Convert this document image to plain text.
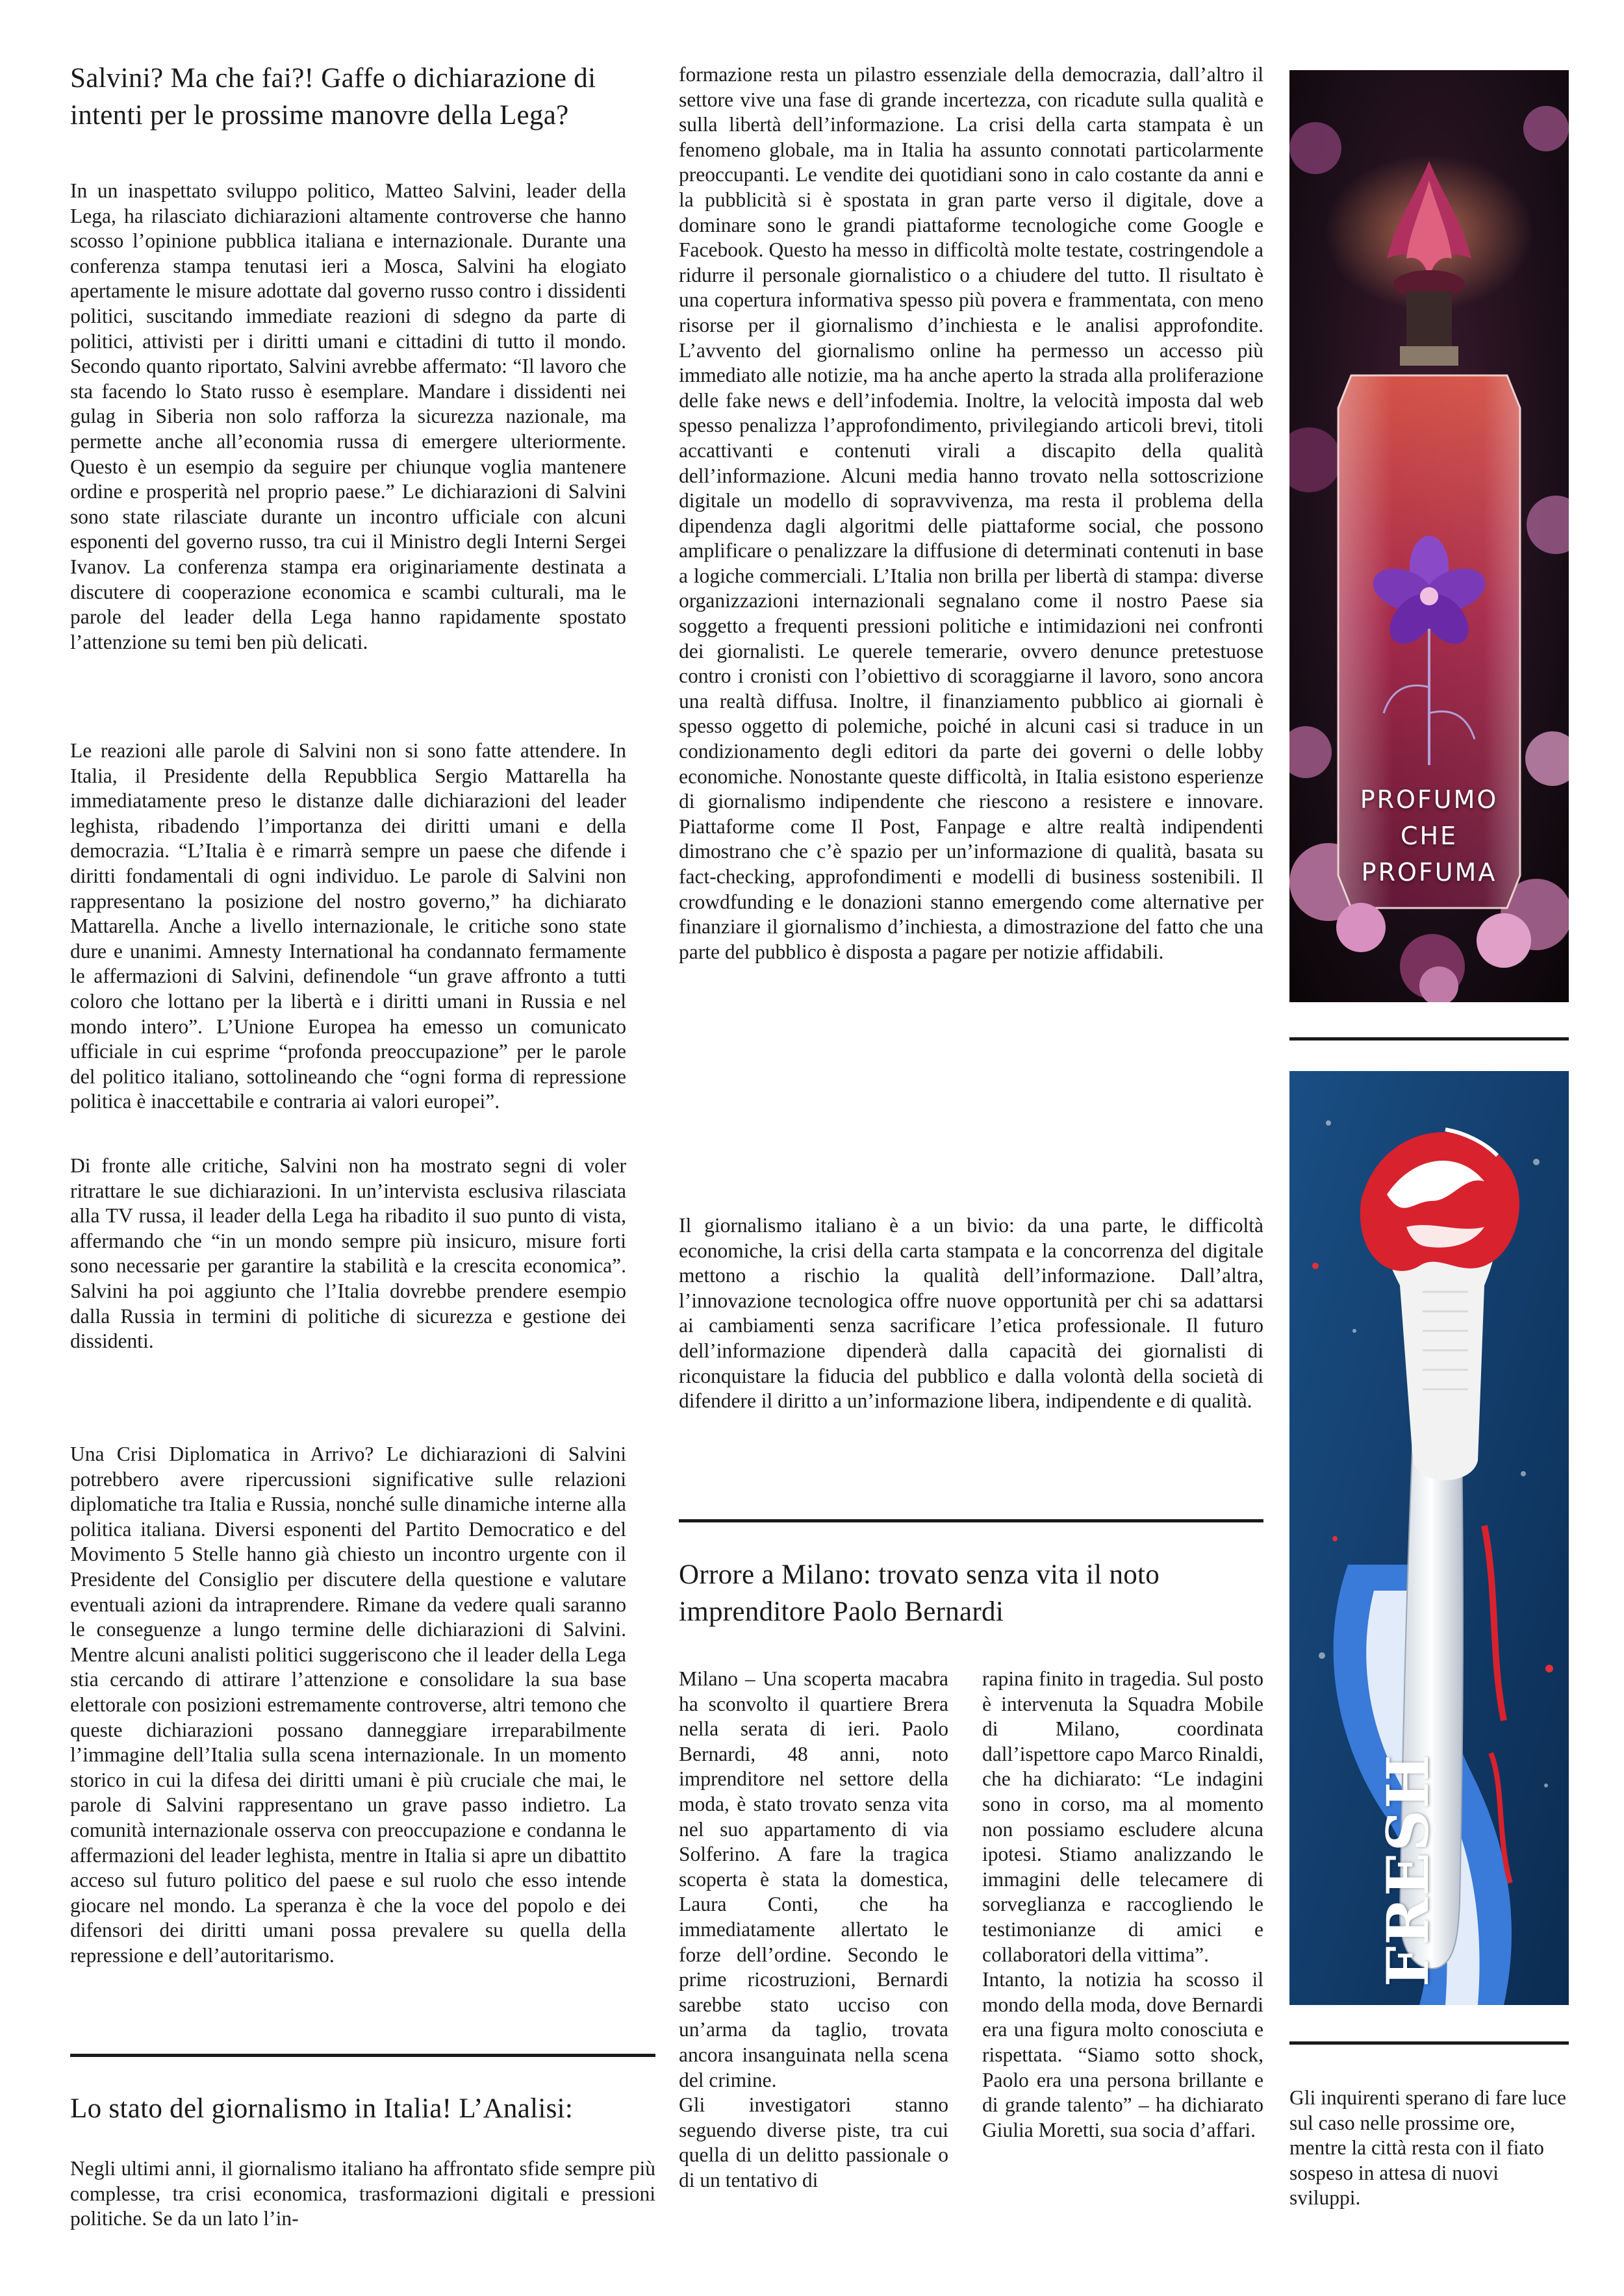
Salvini? Ma che fai?! Gaffe o dichiarazione di intenti per le prossime manovre della Lega?

In un inaspettato sviluppo politico, Matteo Salvini, leader della Lega, ha rilasciato dichiarazioni altamente controverse che hanno scosso l’opinione pubblica italiana e internazionale. Durante una conferenza stampa tenutasi ieri a Mosca, Salvini ha elogiato apertamente le misure adottate dal governo russo contro i dissidenti politici, suscitando immediate reazioni di sdegno da parte di politici, attivisti per i diritti umani e cittadini di tutto il mondo. Secondo quanto riportato, Salvini avrebbe affermato: “Il lavoro che sta facendo lo Stato russo è esemplare. Mandare i dissidenti nei gulag in Siberia non solo rafforza la sicurezza nazionale, ma permette anche all’economia russa di emergere ulteriormente. Questo è un esempio da seguire per chiunque voglia mantenere ordine e prosperità nel proprio paese.” Le dichiarazioni di Salvini sono state rilasciate durante un incontro ufficiale con alcuni esponenti del governo russo, tra cui il Ministro degli Interni Sergei Ivanov. La conferenza stampa era originariamente destinata a discutere di cooperazione economica e scambi culturali, ma le parole del leader della Lega hanno rapidamente spostato l’attenzione su temi ben più delicati.

Le reazioni alle parole di Salvini non si sono fatte attendere. In Italia, il Presidente della Repubblica Sergio Mattarella ha immediatamente preso le distanze dalle dichiarazioni del leader leghista, ribadendo l’importanza dei diritti umani e della democrazia. “L’Italia è e rimarrà sempre un paese che difende i diritti fondamentali di ogni individuo. Le parole di Salvini non rappresentano la posizione del nostro governo,” ha dichiarato Mattarella. Anche a livello internazionale, le critiche sono state dure e unanimi. Amnesty International ha condannato fermamente le affermazioni di Salvini, definendole “un grave affronto a tutti coloro che lottano per la libertà e i diritti umani in Russia e nel mondo intero”. L’Unione Europea ha emesso un comunicato ufficiale in cui esprime “profonda preoccupazione” per le parole del politico italiano, sottolineando che “ogni forma di repressione politica è inaccettabile e contraria ai valori europei”.

Di fronte alle critiche, Salvini non ha mostrato segni di voler ritrattare le sue dichiarazioni. In un’intervista esclusiva rilasciata alla TV russa, il leader della Lega ha ribadito il suo punto di vista, affermando che “in un mondo sempre più insicuro, misure forti sono necessarie per garantire la stabilità e la crescita economica”. Salvini ha poi aggiunto che l’Italia dovrebbe prendere esempio dalla Russia in termini di politiche di sicurezza e gestione dei dissidenti.

Una Crisi Diplomatica in Arrivo? Le dichiarazioni di Salvini potrebbero avere ripercussioni significative sulle relazioni diplomatiche tra Italia e Russia, nonché sulle dinamiche interne alla politica italiana. Diversi esponenti del Partito Democratico e del Movimento 5 Stelle hanno già chiesto un incontro urgente con il Presidente del Consiglio per discutere della questione e valutare eventuali azioni da intraprendere. Rimane da vedere quali saranno le conseguenze a lungo termine delle dichiarazioni di Salvini. Mentre alcuni analisti politici suggeriscono che il leader della Lega stia cercando di attirare l’attenzione e consolidare la sua base elettorale con posizioni estremamente controverse, altri temono che queste dichiarazioni possano danneggiare irreparabilmente l’immagine dell’Italia sulla scena internazionale. In un momento storico in cui la difesa dei diritti umani è più cruciale che mai, le parole di Salvini rappresentano un grave passo indietro. La comunità internazionale osserva con preoccupazione e condanna le affermazioni del leader leghista, mentre in Italia si apre un dibattito acceso sul futuro politico del paese e sul ruolo che esso intende giocare nel mondo. La speranza è che la voce del popolo e dei difensori dei diritti umani possa prevalere su quella della repressione e dell’autoritarismo.

Lo stato del giornalismo in Italia! L’Analisi:

Negli ultimi anni, il giornalismo italiano ha affrontato sfide sempre più complesse, tra crisi economica, trasformazioni digitali e pressioni politiche. Se da un lato l’in-

formazione resta un pilastro essenziale della democrazia, dall’altro il settore vive una fase di grande incertezza, con ricadute sulla qualità e sulla libertà dell’informazione. La crisi della carta stampata è un fenomeno globale, ma in Italia ha assunto connotati particolarmente preoccupanti. Le vendite dei quotidiani sono in calo costante da anni e la pubblicità si è spostata in gran parte verso il digitale, dove a dominare sono le grandi piattaforme tecnologiche come Google e Facebook. Questo ha messo in difficoltà molte testate, costringendole a ridurre il personale giornalistico o a chiudere del tutto. Il risultato è una copertura informativa spesso più povera e frammentata, con meno risorse per il giornalismo d’inchiesta e le analisi approfondite. L’avvento del giornalismo online ha permesso un accesso più immediato alle notizie, ma ha anche aperto la strada alla proliferazione delle fake news e dell’infodemia. Inoltre, la velocità imposta dal web spesso penalizza l’approfondimento, privilegiando articoli brevi, titoli accattivanti e contenuti virali a discapito della qualità dell’informazione. Alcuni media hanno trovato nella sottoscrizione digitale un modello di sopravvivenza, ma resta il problema della dipendenza dagli algoritmi delle piattaforme social, che possono amplificare o penalizzare la diffusione di determinati contenuti in base a logiche commerciali. L’Italia non brilla per libertà di stampa: diverse organizzazioni internazionali segnalano come il nostro Paese sia soggetto a frequenti pressioni politiche e intimidazioni nei confronti dei giornalisti. Le querele temerarie, ovvero denunce pretestuose contro i cronisti con l’obiettivo di scoraggiarne il lavoro, sono ancora una realtà diffusa. Inoltre, il finanziamento pubblico ai giornali è spesso oggetto di polemiche, poiché in alcuni casi si traduce in un condizionamento degli editori da parte dei governi o delle lobby economiche. Nonostante queste difficoltà, in Italia esistono esperienze di giornalismo indipendente che riescono a resistere e innovare. Piattaforme come Il Post, Fanpage e altre realtà indipendenti dimostrano che c’è spazio per un’informazione di qualità, basata su fact-checking, approfondimenti e modelli di business sostenibili. Il crowdfunding e le donazioni stanno emergendo come alternative per finanziare il giornalismo d’inchiesta, a dimostrazione del fatto che una parte del pubblico è disposta a pagare per notizie affidabili.

Il giornalismo italiano è a un bivio: da una parte, le difficoltà economiche, la crisi della carta stampata e la concorrenza del digitale mettono a rischio la qualità dell’informazione. Dall’altra, l’innovazione tecnologica offre nuove opportunità per chi sa adattarsi ai cambiamenti senza sacrificare l’etica professionale. Il futuro dell’informazione dipenderà dalla capacità dei giornalisti di riconquistare la fiducia del pubblico e dalla volontà della società di difendere il diritto a un’informazione libera, indipendente e di qualità.

Orrore a Milano: trovato senza vita il noto imprenditore Paolo Bernardi

Milano – Una scoperta macabra ha sconvolto il quartiere Brera nella serata di ieri. Paolo Bernardi, 48 anni, noto imprenditore nel settore della moda, è stato trovato senza vita nel suo appartamento di via Solferino. A fare la tragica scoperta è stata la domestica, Laura Conti, che ha immediatamente allertato le forze dell’ordine. Secondo le prime ricostruzioni, Bernardi sarebbe stato ucciso con un’arma da taglio, trovata ancora insanguinata nella scena del crimine.

Gli investigatori stanno seguendo diverse piste, tra cui quella di un delitto passionale o di un tentativo di

rapina finito in tragedia. Sul posto è intervenuta la Squadra Mobile di Milano, coordinata dall’ispettore capo Marco Rinaldi, che ha dichiarato: “Le indagini sono in corso, ma al momento non possiamo escludere alcuna ipotesi. Stiamo analizzando le immagini delle telecamere di sorveglianza e raccogliendo le testimonianze di amici e collaboratori della vittima”.

Intanto, la notizia ha scosso il mondo della moda, dove Bernardi era una figura molto conosciuta e rispettata. “Siamo sotto shock, Paolo era una persona brillante e di grande talento” – ha dichiarato Giulia Moretti, sua socia d’affari.

PROFUMO
CHE
PROFUMA
FRESH

Gli inquirenti sperano di fare luce sul caso nelle prossime ore, mentre la città resta con il fiato sospeso in attesa di nuovi sviluppi.
